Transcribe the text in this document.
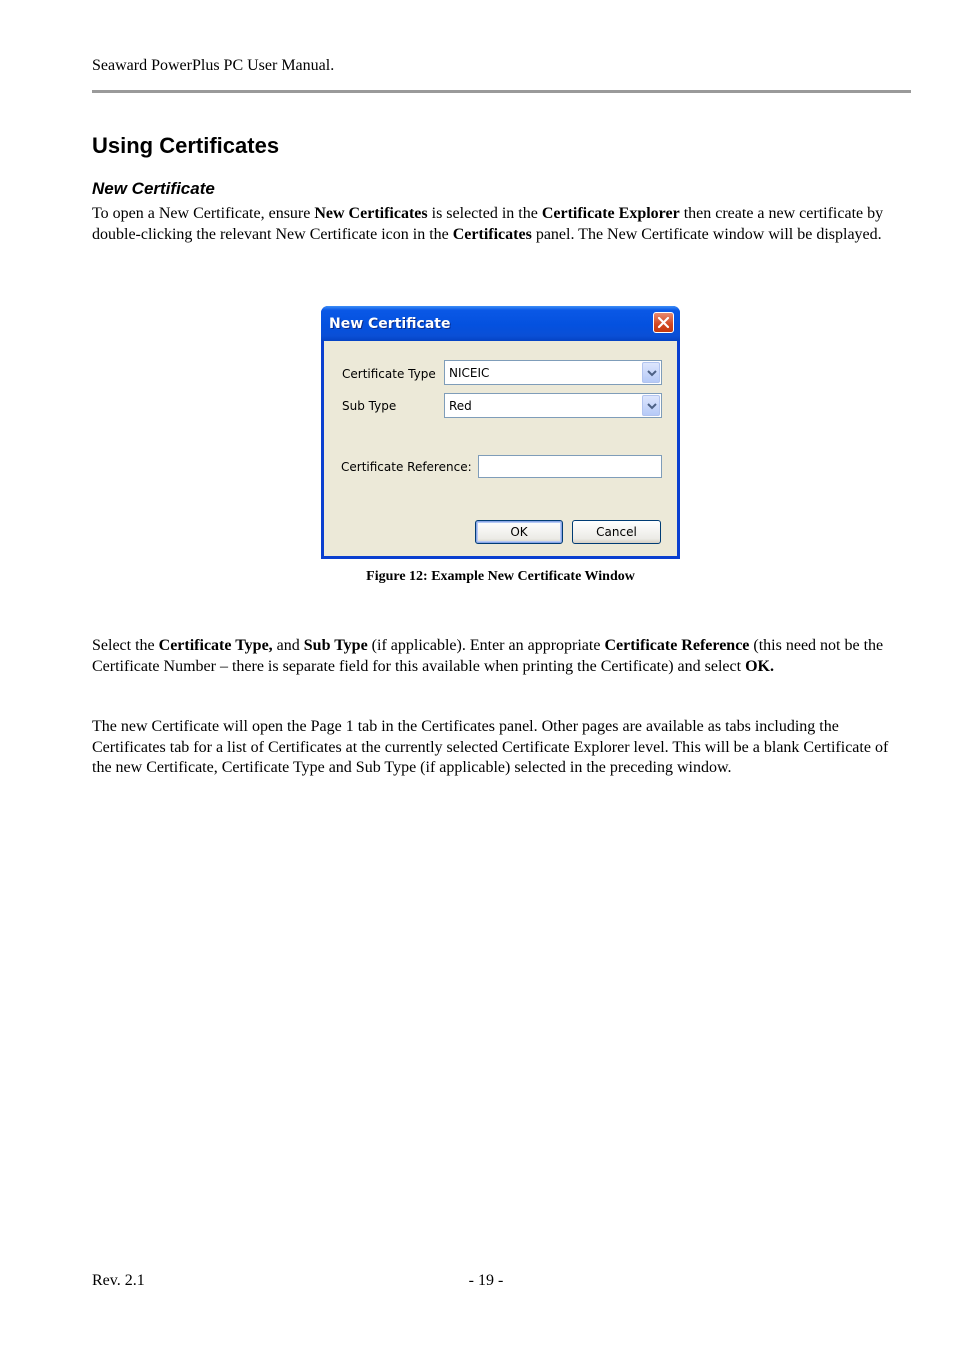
Seaward PowerPlus PC User Manual.
Using Certificates
New Certificate

To open a New Certificate, ensure New Certificates is selected in the Certificate Explorer then create a new certificate by double-clicking the relevant New Certificate icon in the Certificates panel. The New Certificate window will be displayed.

New Certificate
Certificate Type NICEIC
Sub Type	Red
Certificate Reference:
OK	Cancel

Figure 12: Example New Certificate Window

Select the Certificate Type, and Sub Type (if applicable). Enter an appropriate Certificate Reference (this need not be the Certificate Number – there is separate field for this available when printing the Certificate) and select OK.

The new Certificate will open the Page 1 tab in the Certificates panel. Other pages are available as tabs including the Certificates tab for a list of Certificates at the currently selected Certificate Explorer level. This will be a blank Certificate of the new Certificate, Certificate Type and Sub Type (if applicable) selected in the preceding window.

Rev. 2.1	- 19 -
